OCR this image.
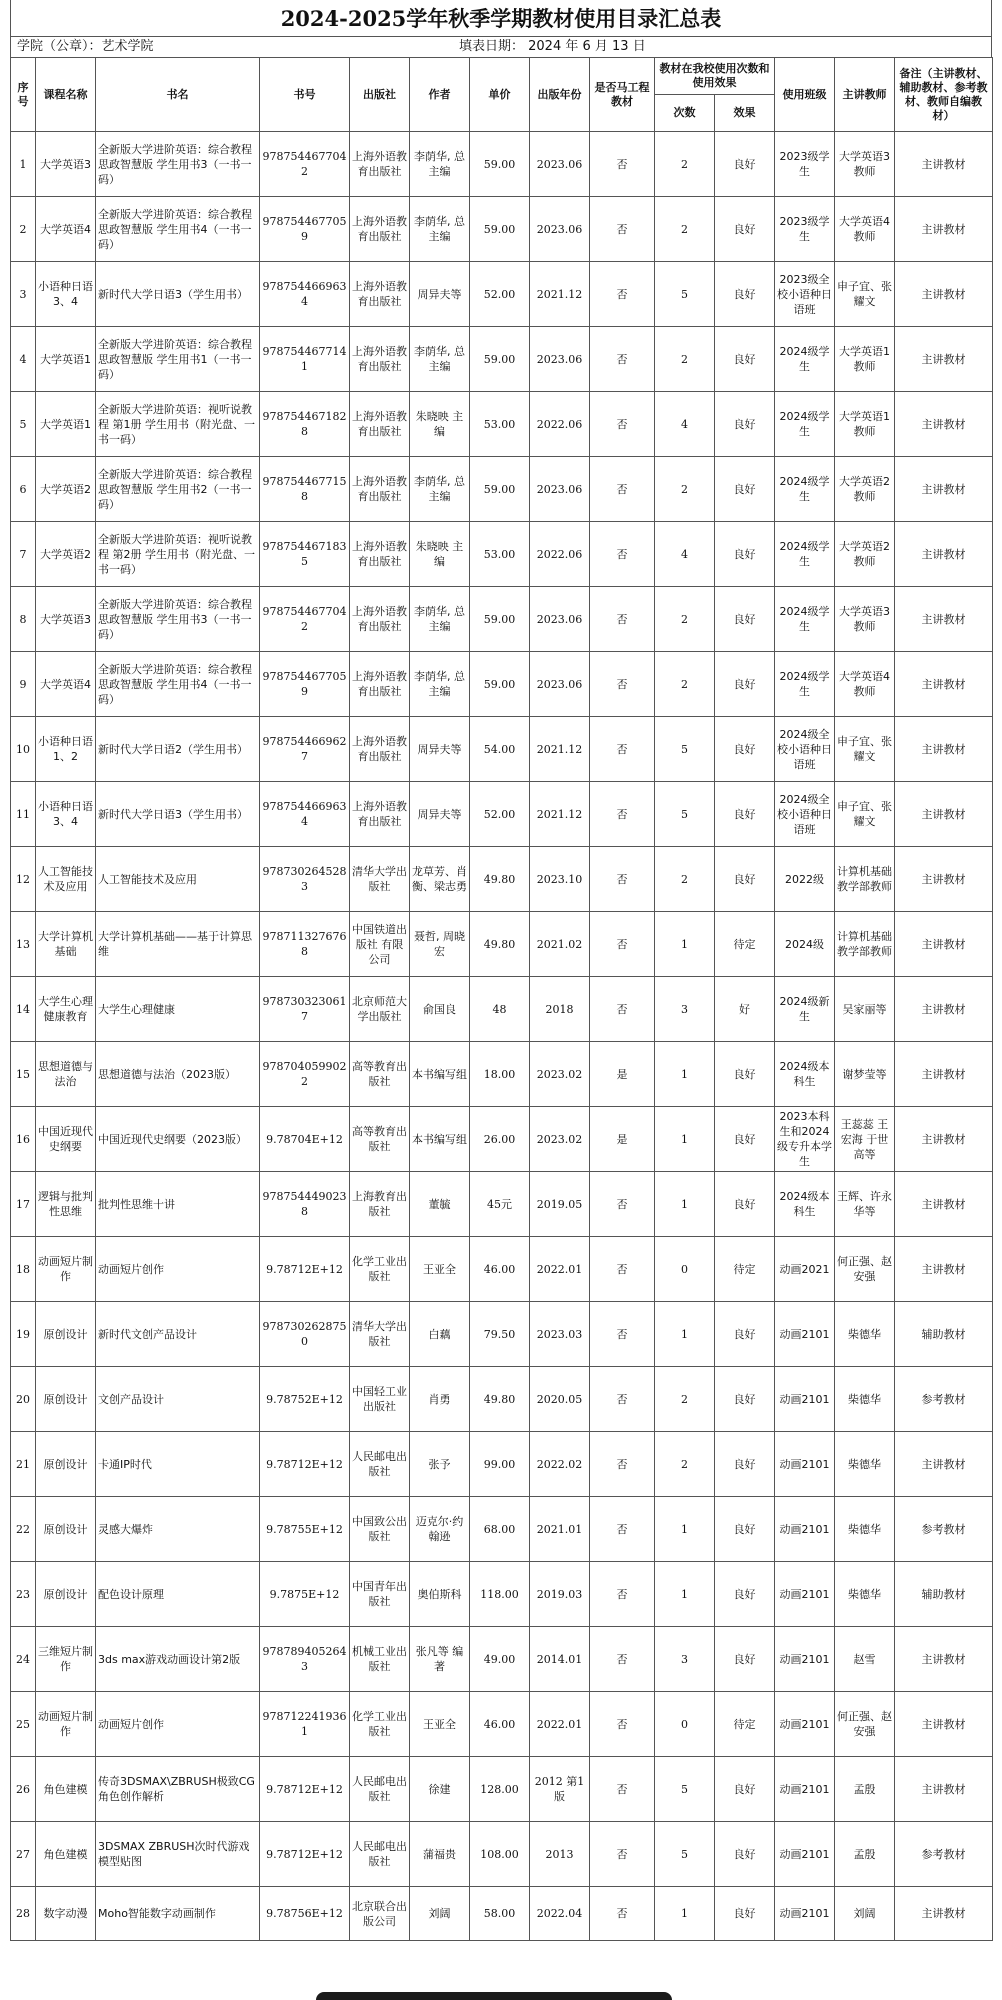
2024-2025学年秋季学期教材使用目录汇总表
学院（公章）：艺术学院	填表日期： 2024 年 6 月 13 日
序号	课程名称	书名	书号	出版社	作者	单价	出版年份	是否马工程教材	教材在我校使用次数和使用效果		使用班级	主讲教师	备注（主讲教材、辅助教材、参考教材、教师自编教材）
									次数	效果			
1	大学英语3	全新版大学进阶英语：综合教程 思政智慧版 学生用书3（一书一码）	9787544677042	上海外语教育出版社	李荫华, 总主编	59.00	2023.06	否	2	良好	2023级学生	大学英语3教师	主讲教材
2	大学英语4	全新版大学进阶英语：综合教程 思政智慧版 学生用书4（一书一码）	9787544677059	上海外语教育出版社	李荫华, 总主编	59.00	2023.06	否	2	良好	2023级学生	大学英语4教师	主讲教材
3	小语种日语3、4	新时代大学日语3（学生用书）	9787544669634	上海外语教育出版社	周异夫等	52.00	2021.12	否	5	良好	2023级全校小语种日语班	申子宜、张耀文	主讲教材
4	大学英语1	全新版大学进阶英语：综合教程 思政智慧版 学生用书1（一书一码）	9787544677141	上海外语教育出版社	李荫华, 总主编	59.00	2023.06	否	2	良好	2024级学生	大学英语1教师	主讲教材
5	大学英语1	全新版大学进阶英语：视听说教程 第1册 学生用书（附光盘、一书一码）	9787544671828	上海外语教育出版社	朱晓映 主编	53.00	2022.06	否	4	良好	2024级学生	大学英语1教师	主讲教材
6	大学英语2	全新版大学进阶英语：综合教程 思政智慧版 学生用书2（一书一码）	9787544677158	上海外语教育出版社	李荫华, 总主编	59.00	2023.06	否	2	良好	2024级学生	大学英语2教师	主讲教材
7	大学英语2	全新版大学进阶英语：视听说教程 第2册 学生用书（附光盘、一书一码）	9787544671835	上海外语教育出版社	朱晓映 主编	53.00	2022.06	否	4	良好	2024级学生	大学英语2教师	主讲教材
8	大学英语3	全新版大学进阶英语：综合教程 思政智慧版 学生用书3（一书一码）	9787544677042	上海外语教育出版社	李荫华, 总主编	59.00	2023.06	否	2	良好	2024级学生	大学英语3教师	主讲教材
9	大学英语4	全新版大学进阶英语：综合教程 思政智慧版 学生用书4（一书一码）	9787544677059	上海外语教育出版社	李荫华, 总主编	59.00	2023.06	否	2	良好	2024级学生	大学英语4教师	主讲教材
10	小语种日语1、2	新时代大学日语2（学生用书）	9787544669627	上海外语教育出版社	周异夫等	54.00	2021.12	否	5	良好	2024级全校小语种日语班	申子宜、张耀文	主讲教材
11	小语种日语3、4	新时代大学日语3（学生用书）	9787544669634	上海外语教育出版社	周异夫等	52.00	2021.12	否	5	良好	2024级全校小语种日语班	申子宜、张耀文	主讲教材
12	人工智能技术及应用	人工智能技术及应用	9787302645283	清华大学出版社	龙草芳、肖衡、梁志勇	49.80	2023.10	否	2	良好	2022级	计算机基础教学部教师	主讲教材
13	大学计算机基础	大学计算机基础——基于计算思维	9787113276768	中国铁道出版社 有限公司	聂哲, 周晓宏	49.80	2021.02	否	1	待定	2024级	计算机基础教学部教师	主讲教材
14	大学生心理健康教育	大学生心理健康	9787303230617	北京师范大学出版社	俞国良	48	2018	否	3	好	2024级新生	吴家丽等	主讲教材
15	思想道德与法治	思想道德与法治（2023版）	9787040599022	高等教育出版社	本书编写组	18.00	2023.02	是	1	良好	2024级本科生	谢梦莹等	主讲教材
16	中国近现代史纲要	中国近现代史纲要（2023版）	9.78704E+12	高等教育出版社	本书编写组	26.00	2023.02	是	1	良好	2023本科生和2024级专升本学生	王蕊蕊 王宏海 于世高等	主讲教材
17	逻辑与批判性思维	批判性思维十讲	9787544490238	上海教育出版社	董毓	45元	2019.05	否	1	良好	2024级本科生	王辉、许永华等	主讲教材
18	动画短片制作	动画短片创作	9.78712E+12	化学工业出版社	王亚全	46.00	2022.01	否	0	待定	动画2021	何正强、赵安强	主讲教材
19	原创设计	新时代文创产品设计	9787302628750	清华大学出版社	白藕	79.50	2023.03	否	1	良好	动画2101	柴德华	辅助教材
20	原创设计	文创产品设计	9.78752E+12	中国轻工业出版社	肖勇	49.80	2020.05	否	2	良好	动画2101	柴德华	参考教材
21	原创设计	卡通IP时代	9.78712E+12	人民邮电出版社	张予	99.00	2022.02	否	2	良好	动画2101	柴德华	主讲教材
22	原创设计	灵感大爆炸	9.78755E+12	中国致公出版社	迈克尔·约翰逊	68.00	2021.01	否	1	良好	动画2101	柴德华	参考教材
23	原创设计	配色设计原理	9.7875E+12	中国青年出版社	奥伯斯科	118.00	2019.03	否	1	良好	动画2101	柴德华	辅助教材
24	三维短片制作	3ds max游戏动画设计第2版	9787894052643	机械工业出版社	张凡等 编著	49.00	2014.01	否	3	良好	动画2101	赵雪	主讲教材
25	动画短片制作	动画短片创作	9787122419361	化学工业出版社	王亚全	46.00	2022.01	否	0	待定	动画2101	何正强、赵安强	主讲教材
26	角色建模	传奇3DSMAX\ZBRUSH极致CG角色创作解析	9.78712E+12	人民邮电出版社	徐建	128.00	2012 第1版	否	5	良好	动画2101	孟殷	主讲教材
27	角色建模	3DSMAX ZBRUSH次时代游戏模型贴图	9.78712E+12	人民邮电出版社	蒲福贵	108.00	2013	否	5	良好	动画2101	孟殷	参考教材
28	数字动漫	Moho智能数字动画制作	9.78756E+12	北京联合出版公司	刘阔	58.00	2022.04	否	1	良好	动画2101	刘阔	主讲教材
